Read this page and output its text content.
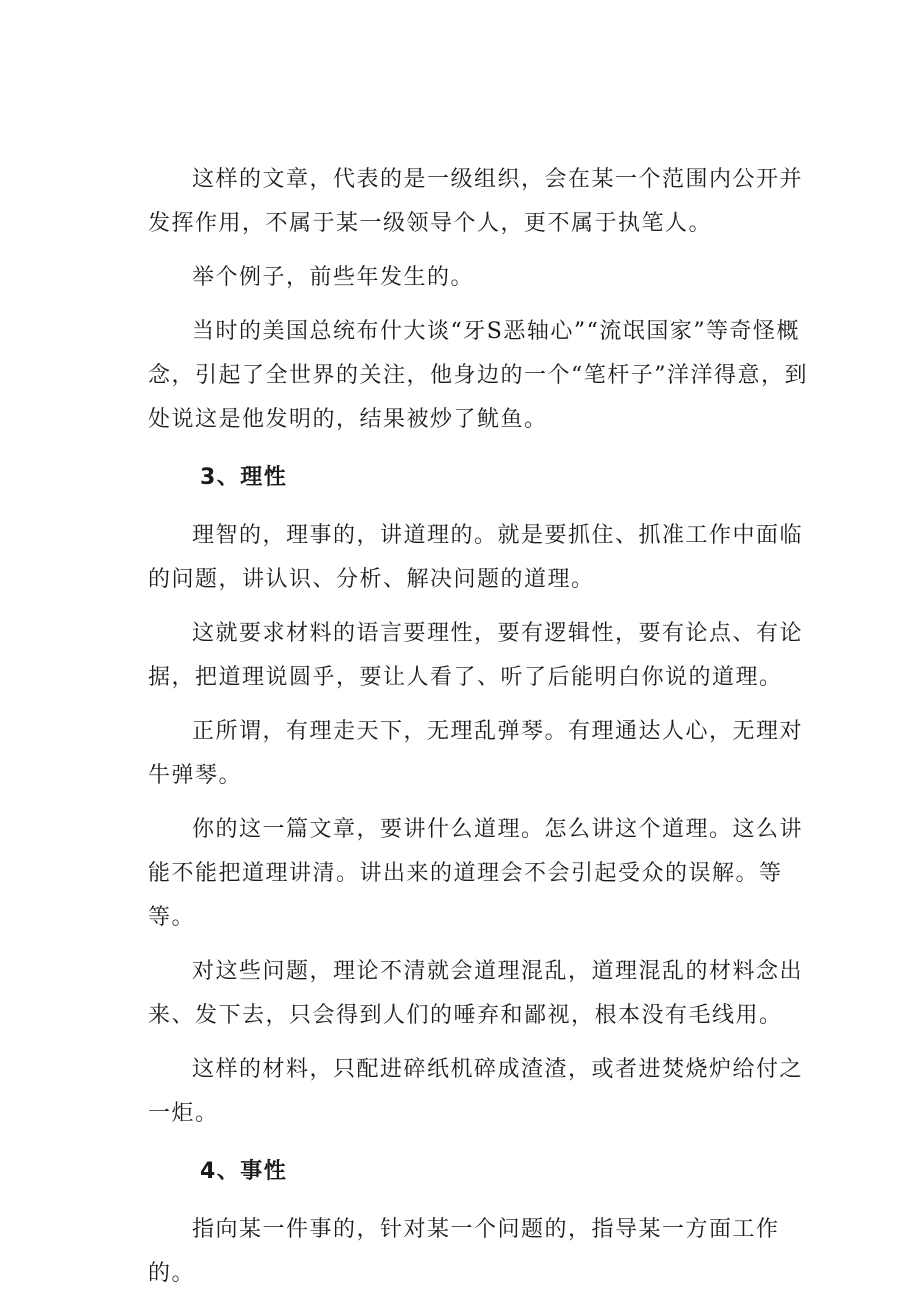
这样的文章，代表的是一级组织，会在某一个范围内公开并发挥作用，不属于某一级领导个人，更不属于执笔人。

举个例子，前些年发生的。

当时的美国总统布什大谈“牙S恶轴心”“流氓国家”等奇怪概念，引起了全世界的关注，他身边的一个“笔杆子”洋洋得意，到处说这是他发明的，结果被炒了鱿鱼。

3、理性

理智的，理事的，讲道理的。就是要抓住、抓准工作中面临的问题，讲认识、分析、解决问题的道理。

这就要求材料的语言要理性，要有逻辑性，要有论点、有论据，把道理说圆乎，要让人看了、听了后能明白你说的道理。

正所谓，有理走天下，无理乱弹琴。有理通达人心，无理对牛弹琴。

你的这一篇文章，要讲什么道理。怎么讲这个道理。这么讲能不能把道理讲清。讲出来的道理会不会引起受众的误解。等等。

对这些问题，理论不清就会道理混乱，道理混乱的材料念出来、发下去，只会得到人们的唾弃和鄙视，根本没有毛线用。

这样的材料，只配进碎纸机碎成渣渣，或者进焚烧炉给付之一炬。

4、事性

指向某一件事的，针对某一个问题的，指导某一方面工作的。
